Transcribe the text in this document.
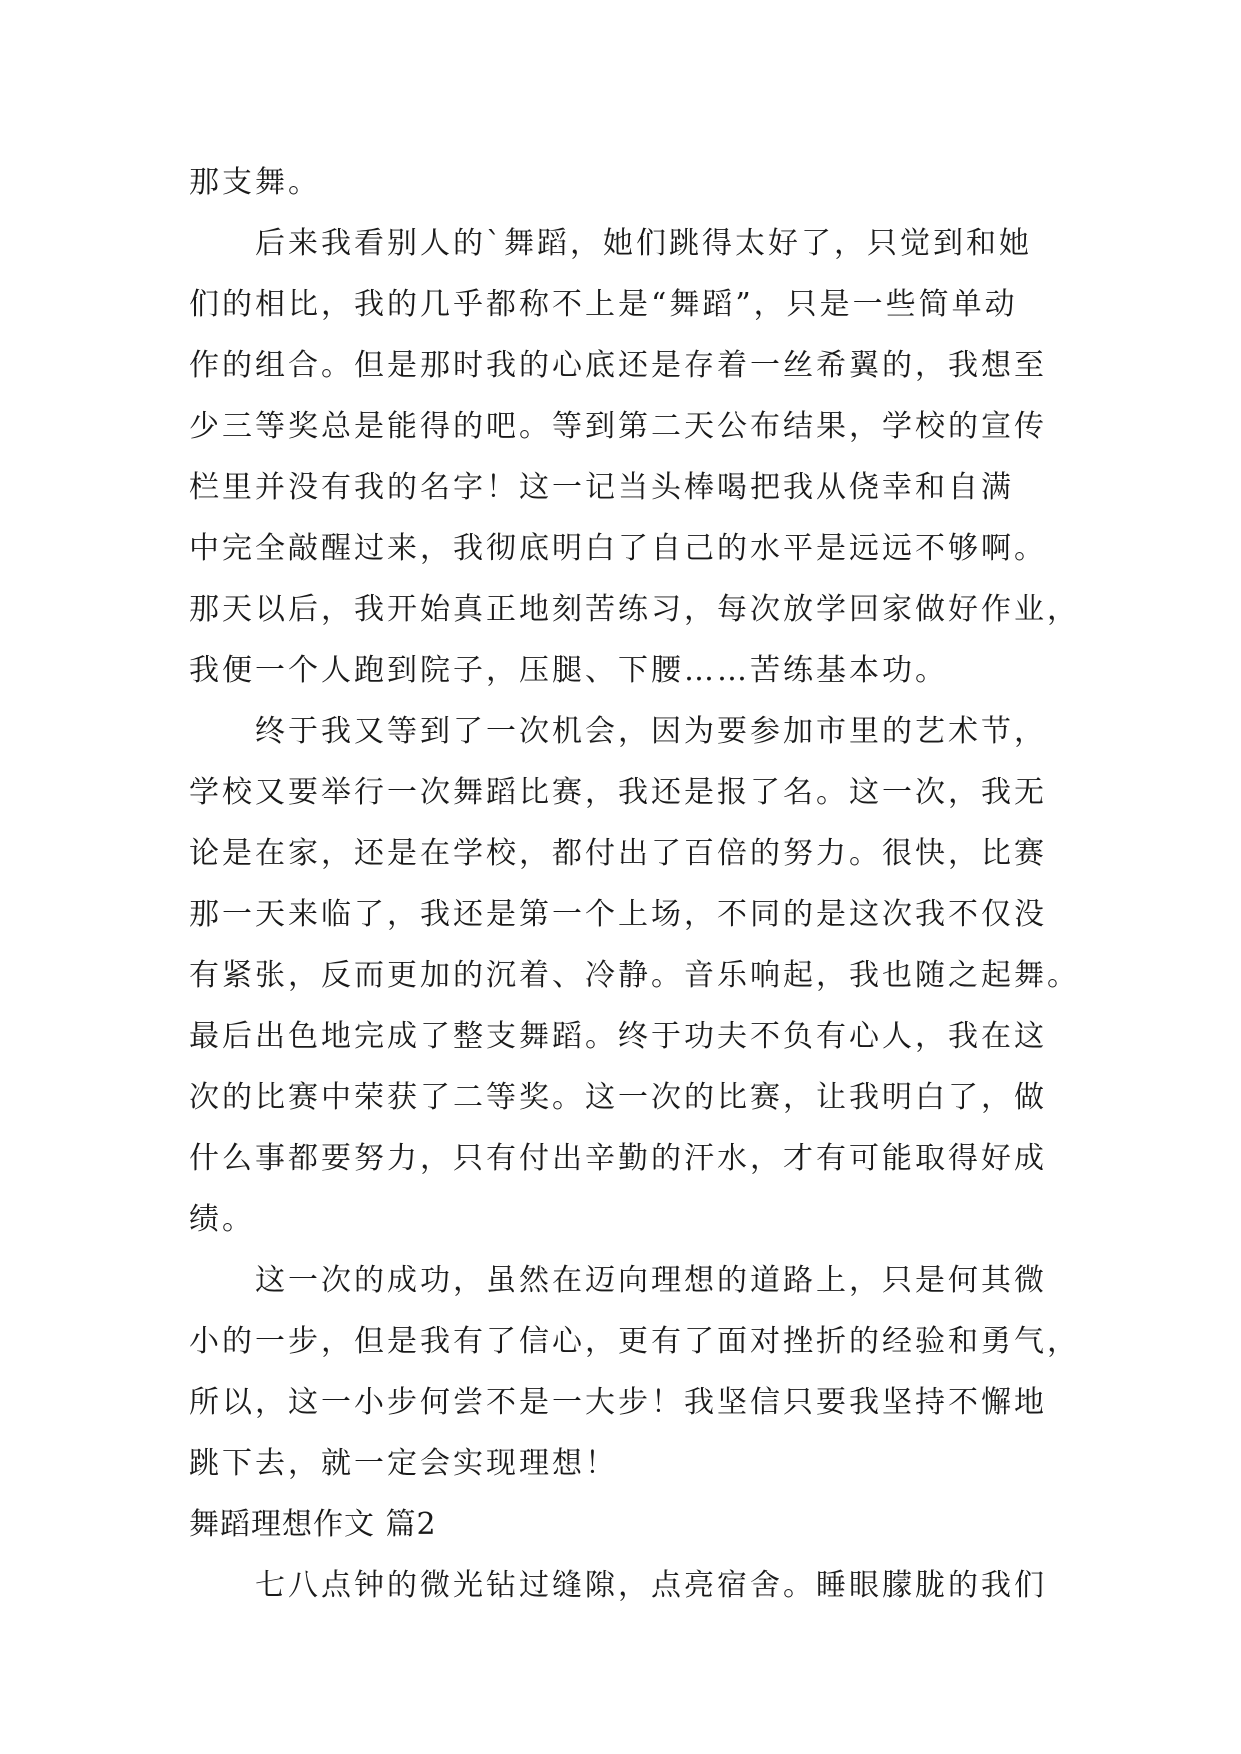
那支舞。
　　后来我看别人的`舞蹈，她们跳得太好了，只觉到和她
们的相比，我的几乎都称不上是“舞蹈”，只是一些简单动
作的组合。但是那时我的心底还是存着一丝希翼的，我想至
少三等奖总是能得的吧。等到第二天公布结果，学校的宣传
栏里并没有我的名字！这一记当头棒喝把我从侥幸和自满
中完全敲醒过来，我彻底明白了自己的水平是远远不够啊。
那天以后，我开始真正地刻苦练习，每次放学回家做好作业，
我便一个人跑到院子，压腿、下腰……苦练基本功。
　　终于我又等到了一次机会，因为要参加市里的艺术节，
学校又要举行一次舞蹈比赛，我还是报了名。这一次，我无
论是在家，还是在学校，都付出了百倍的努力。很快，比赛
那一天来临了，我还是第一个上场，不同的是这次我不仅没
有紧张，反而更加的沉着、冷静。音乐响起，我也随之起舞。
最后出色地完成了整支舞蹈。终于功夫不负有心人，我在这
次的比赛中荣获了二等奖。这一次的比赛，让我明白了，做
什么事都要努力，只有付出辛勤的汗水，才有可能取得好成
绩。
　　这一次的成功，虽然在迈向理想的道路上，只是何其微
小的一步，但是我有了信心，更有了面对挫折的经验和勇气，
所以，这一小步何尝不是一大步！我坚信只要我坚持不懈地
跳下去，就一定会实现理想！
舞蹈理想作文 篇2
　　七八点钟的微光钻过缝隙，点亮宿舍。睡眼朦胧的我们
